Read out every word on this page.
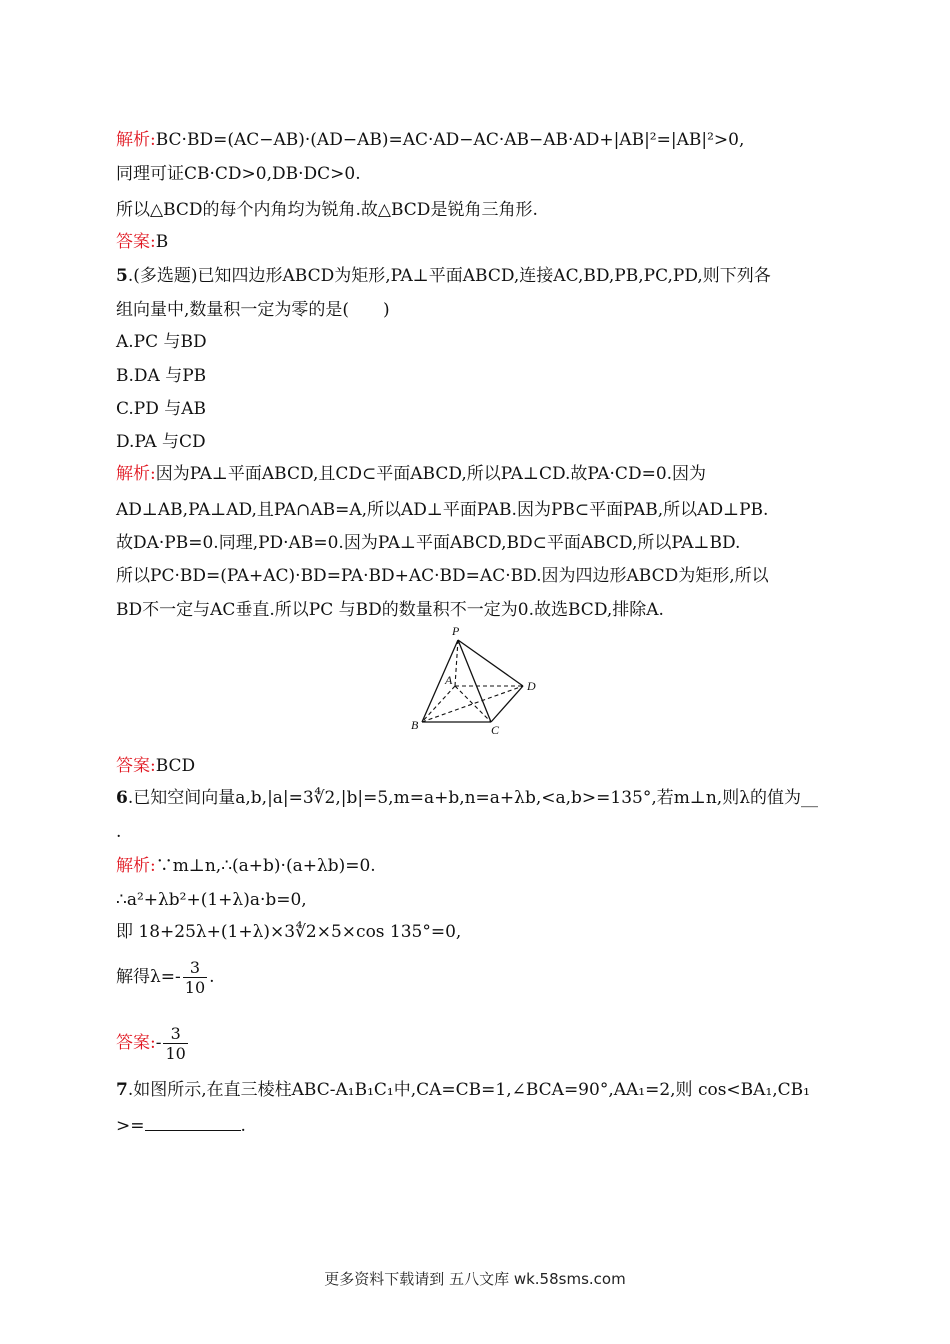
解析:BC·BD=(AC−AB)·(AD−AB)=AC·AD−AC·AB−AB·AD+|AB|²=|AB|²>0,
同理可证CB·CD>0,DB·DC>0.
所以△BCD的每个内角均为锐角.故△BCD是锐角三角形.
答案:B
5.(多选题)已知四边形ABCD为矩形,PA⊥平面ABCD,连接AC,BD,PB,PC,PD,则下列各
组向量中,数量积一定为零的是(　　)
A.PC 与BD
B.DA 与PB
C.PD 与AB
D.PA 与CD
解析:因为PA⊥平面ABCD,且CD⊂平面ABCD,所以PA⊥CD.故PA·CD=0.因为
AD⊥AB,PA⊥AD,且PA∩AB=A,所以AD⊥平面PAB.因为PB⊂平面PAB,所以AD⊥PB.
故DA·PB=0.同理,PD·AB=0.因为PA⊥平面ABCD,BD⊂平面ABCD,所以PA⊥BD.
所以PC·BD=(PA+AC)·BD=PA·BD+AC·BD=AC·BD.因为四边形ABCD为矩形,所以
BD不一定与AC垂直.所以PC 与BD的数量积不一定为0.故选BCD,排除A.
P
A	D
B	C
答案:BCD
6.已知空间向量a,b,|a|=3∜2,|b|=5,m=a+b,n=a+λb,<a,b>=135°,若m⊥n,则λ的值为__
.
解析:∵m⊥n,∴(a+b)·(a+λb)=0.
∴a²+λb²+(1+λ)a·b=0,
即 18+25λ+(1+λ)×3∜2×5×cos 135°=0,
解得$\lambda=- \frac{3}{10}$ .
答案:- $\frac{3}{10}$
7.如图所示,在直三棱柱ABC-A₁B₁C₁中,CA=CB=1,∠BCA=90°,AA₁=2,则 cos<BA₁,CB₁
>=	.
更多资料下载请到 五八文库 wk.58sms.com
